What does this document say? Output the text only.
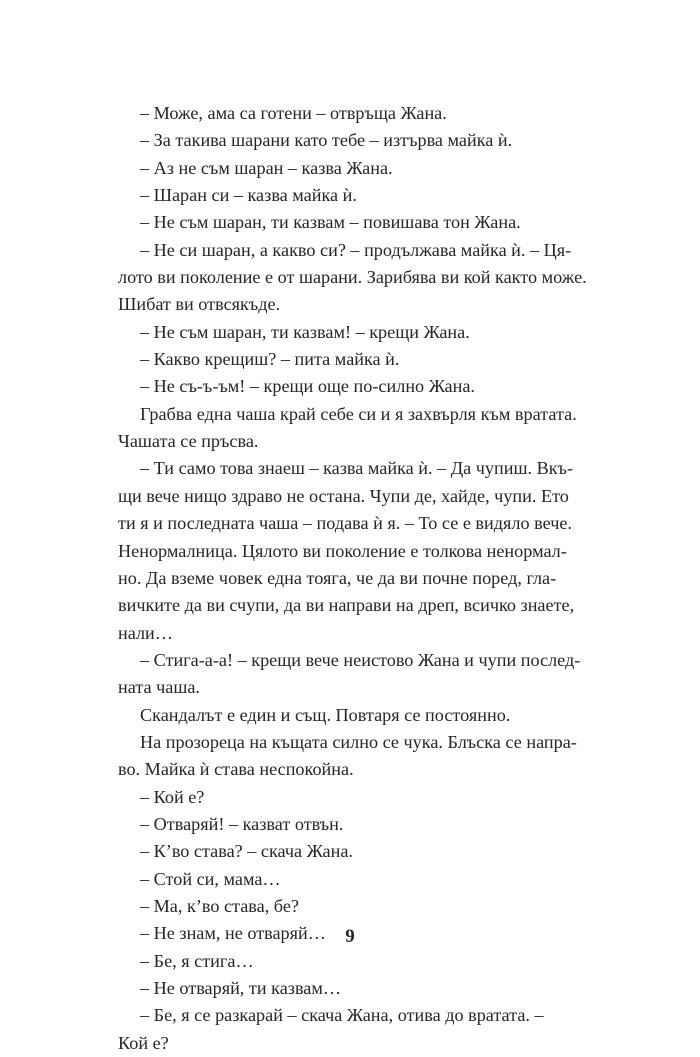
– Може, ама са готени – отвръща Жана.
– За такива шарани като тебе – изтърва майка ѝ.
– Аз не съм шаран – казва Жана.
– Шаран си – казва майка ѝ.
– Не съм шаран, ти казвам – повишава тон Жана.
– Не си шаран, а какво си? – продължава майка ѝ. – Ця-
лото ви поколение е от шарани. Зарибява ви кой както може.
Шибат ви отвсякъде.
– Не съм шаран, ти казвам! – крещи Жана.
– Какво крещиш? – пита майка ѝ.
– Не съ-ъ-ъм! – крещи още по-силно Жана.
Грабва една чаша край себе си и я захвърля към вратата.
Чашата се пръсва.
– Ти само това знаеш – казва майка ѝ. – Да чупиш. Вкъ-
щи вече нищо здраво не остана. Чупи де, хайде, чупи. Ето
ти я и последната чаша – подава ѝ я. – То се е видяло вече.
Ненормалница. Цялото ви поколение е толкова ненормал-
но. Да вземе човек една тояга, че да ви почне поред, гла-
вичките да ви счупи, да ви направи на дреп, всичко знаете,
нали…
– Стига-а-а! – крещи вече неистово Жана и чупи послед-
ната чаша.
Скандалът е един и същ. Повтаря се постоянно.
На прозореца на къщата силно се чука. Блъска се напра-
во. Майка ѝ става неспокойна.
– Кой е?
– Отваряй! – казват отвън.
– К’во става? – скача Жана.
– Стой си, мама…
– Ма, к’во става, бе?
– Не знам, не отваряй…
– Бе, я стига…
– Не отваряй, ти казвам…
– Бе, я се разкарай – скача Жана, отива до вратата. –
Кой е?
9
